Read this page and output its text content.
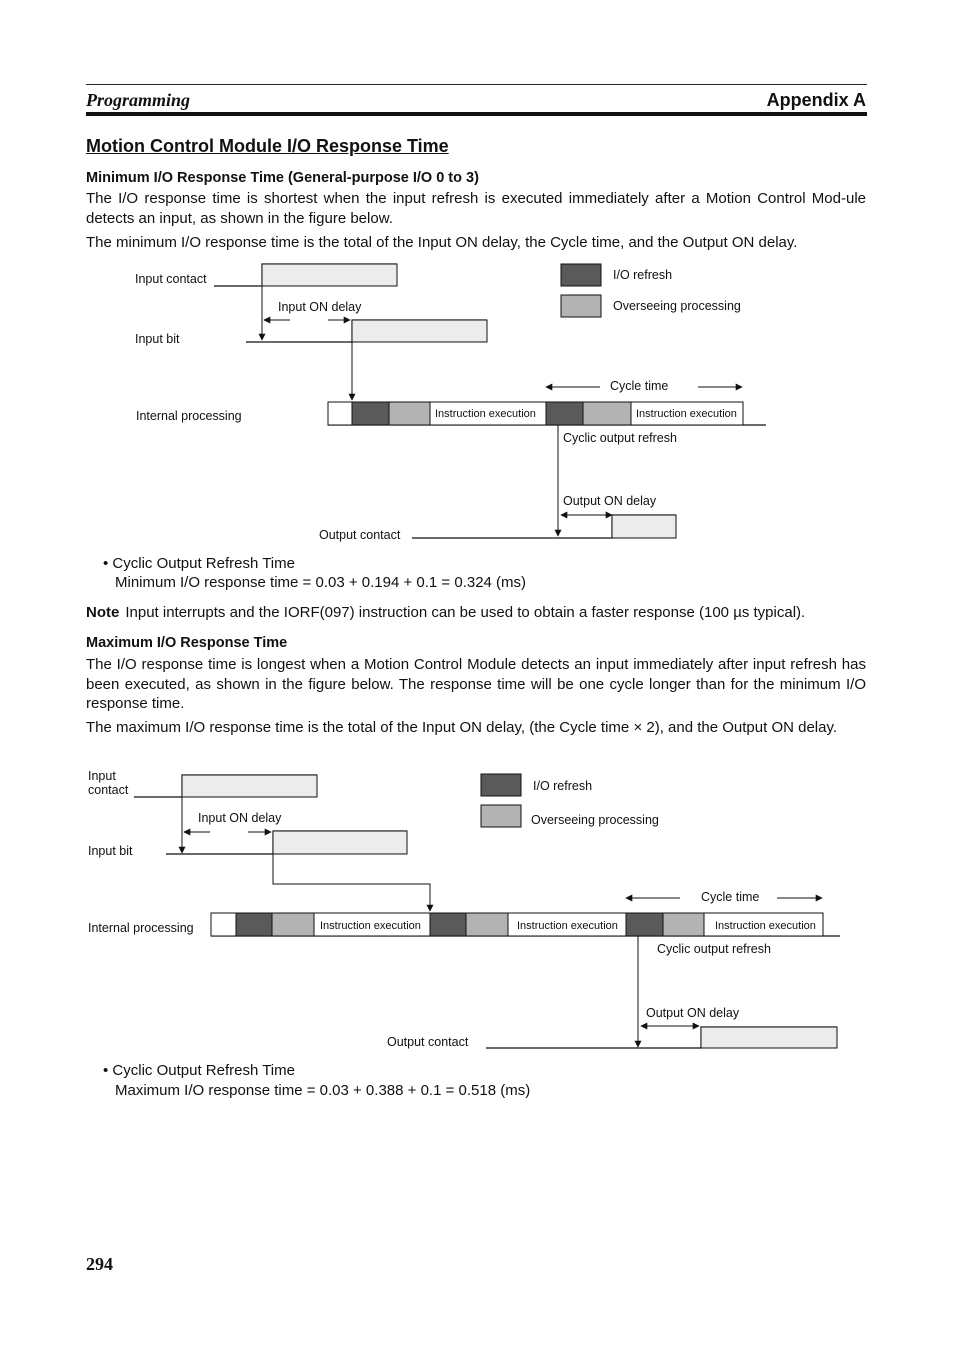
Programming	Appendix A
Motion Control Module I/O Response Time
Minimum I/O Response Time (General-purpose I/O 0 to 3)
The I/O response time is shortest when the input refresh is executed immediately after a Motion Control Mod-ule detects an input, as shown in the figure below.
The minimum I/O response time is the total of the Input ON delay, the Cycle time, and the Output ON delay.
Input contact
Input ON delay
Input bit
I/O refresh
Overseeing processing
Cycle time
Internal processing	Instruction execution	Instruction execution
Cyclic output refresh
Output ON delay
Output contact
• Cyclic Output Refresh Time
Minimum I/O response time = 0.03 + 0.194 + 0.1 = 0.324 (ms)
Note Input interrupts and the IORF(097) instruction can be used to obtain a faster response (100 µs typical).
Maximum I/O Response Time
The I/O response time is longest when a Motion Control Module detects an input immediately after input refresh has been executed, as shown in the figure below. The response time will be one cycle longer than for the minimum I/O response time.
The maximum I/O response time is the total of the Input ON delay, (the Cycle time × 2), and the Output ON delay.
Input
contact
Input ON delay
Input bit
I/O refresh
Overseeing processing
Cycle time
Internal processing	Instruction execution	Instruction execution	Instruction execution
Cyclic output refresh
Output ON delay
Output contact
• Cyclic Output Refresh Time
Maximum I/O response time = 0.03 + 0.388 + 0.1 = 0.518 (ms)
294
